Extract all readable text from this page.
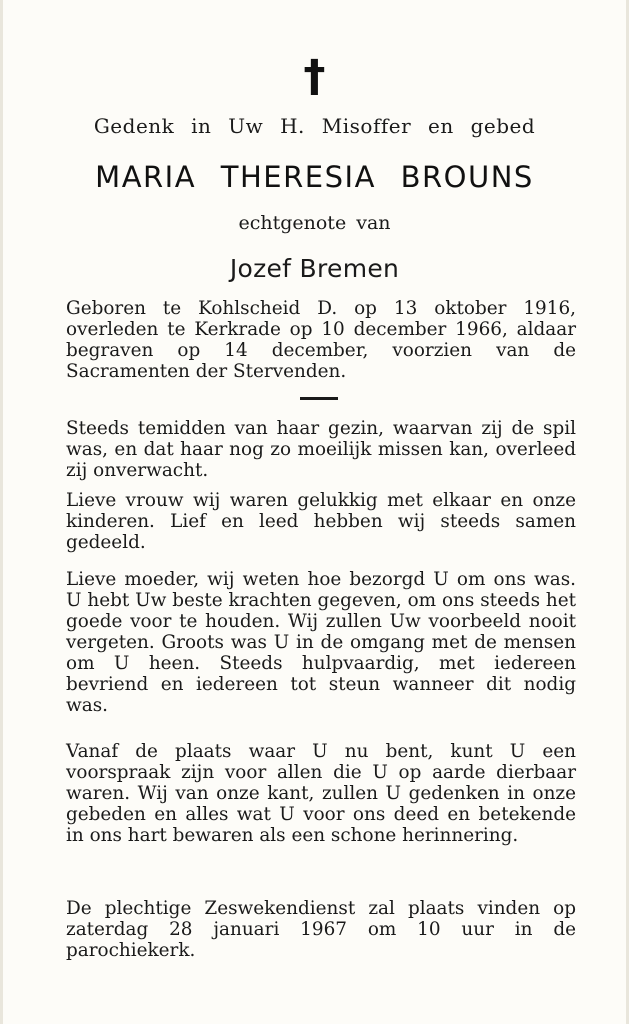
†
Gedenk in Uw H. Misoffer en gebed
MARIA THERESIA BROUNS
echtgenote van
Jozef Bremen

Geboren te Kohlscheid D. op 13 oktober 1916, overleden te Kerkrade op 10 december 1966, aldaar begraven op 14 december, voorzien van de Sacramenten der Stervenden.

Steeds temidden van haar gezin, waarvan zij de spil was, en dat haar nog zo moeilijk missen kan, overleed zij onverwacht.

Lieve vrouw wij waren gelukkig met elkaar en onze kinderen. Lief en leed hebben wij steeds samen gedeeld.

Lieve moeder, wij weten hoe bezorgd U om ons was. U hebt Uw beste krachten gegeven, om ons steeds het goede voor te houden. Wij zullen Uw voorbeeld nooit vergeten. Groots was U in de omgang met de mensen om U heen. Steeds hulpvaardig, met iedereen bevriend en iedereen tot steun wanneer dit nodig was.

Vanaf de plaats waar U nu bent, kunt U een voorspraak zijn voor allen die U op aarde dierbaar waren. Wij van onze kant, zullen U gedenken in onze gebeden en alles wat U voor ons deed en betekende in ons hart bewaren als een schone herinnering.

De plechtige Zeswekendienst zal plaats vinden op zaterdag 28 januari 1967 om 10 uur in de parochiekerk.
